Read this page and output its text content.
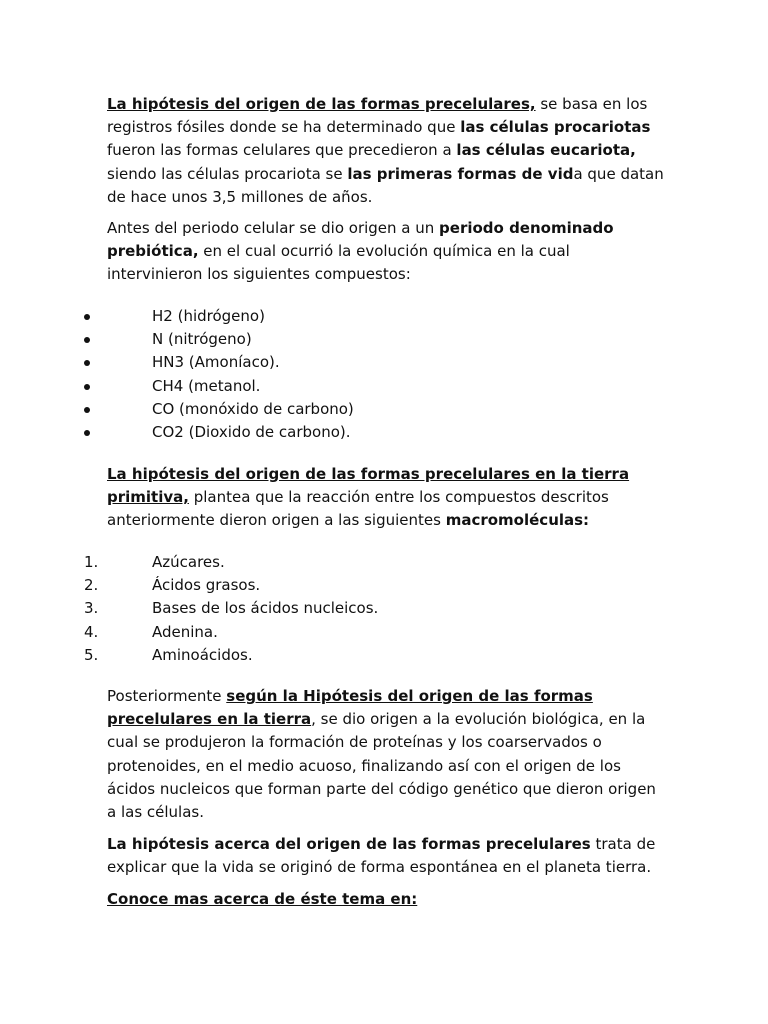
La hipótesis del origen de las formas precelulares, se basa en los registros fósiles donde se ha determinado que las células procariotas fueron las formas celulares que precedieron a las células eucariota, siendo las células procariota se las primeras formas de vida que datan de hace unos 3,5 millones de años.

Antes del periodo celular se dio origen a un periodo denominado prebiótica, en el cual ocurrió la evolución química en la cual intervinieron los siguientes compuestos:

H2 (hidrógeno)
N (nitrógeno)
HN3 (Amoníaco).
CH4 (metanol.
CO (monóxido de carbono)
CO2 (Dioxido de carbono).

La hipótesis del origen de las formas precelulares en la tierra primitiva, plantea que la reacción entre los compuestos descritos anteriormente dieron origen a las siguientes macromoléculas:

1.	Azúcares.
2.	Ácidos grasos.
3.	Bases de los ácidos nucleicos.
4.	Adenina.
5.	Aminoácidos.

Posteriormente según la Hipótesis del origen de las formas precelulares en la tierra, se dio origen a la evolución biológica, en la cual se produjeron la formación de proteínas y los coarservados o protenoides, en el medio acuoso, finalizando así con el origen de los ácidos nucleicos que forman parte del código genético que dieron origen a las células.

La hipótesis acerca del origen de las formas precelulares trata de explicar que la vida se originó de forma espontánea en el planeta tierra.

Conoce mas acerca de éste tema en:
